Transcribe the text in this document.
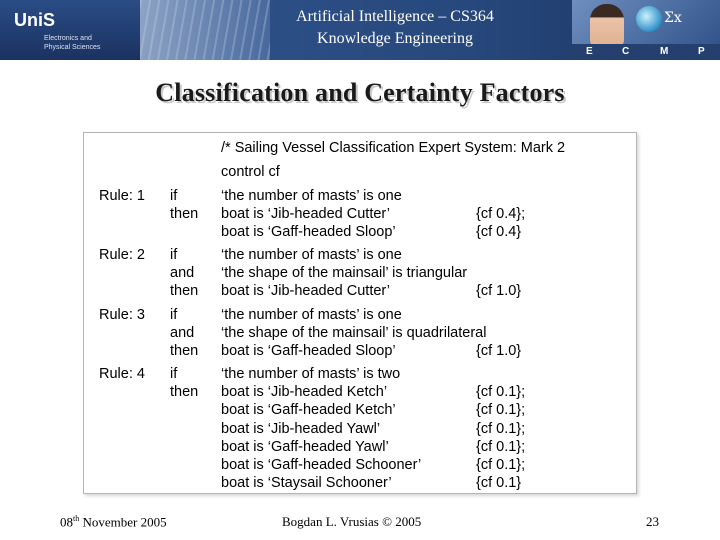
UniS
Electronics and
Physical Sciences
Artificial Intelligence – CS364
Knowledge Engineering
Σx
E	C	M	P
Classification and Certainty Factors
/* Sailing Vessel Classification Expert System: Mark 2
control cf
Rule: 1 if	‘the number of masts’ is one
then boat is ‘Jib-headed Cutter’	{cf 0.4};
boat is ‘Gaff-headed Sloop’	{cf 0.4}
Rule: 2 if	‘the number of masts’ is one
and ‘the shape of the mainsail’ is triangular
then boat is ‘Jib-headed Cutter’	{cf 1.0}
Rule: 3 if	‘the number of masts’ is one
and ‘the shape of the mainsail’ is quadrilateral
then boat is ‘Gaff-headed Sloop’	{cf 1.0}
Rule: 4 if	‘the number of masts’ is two
then boat is ‘Jib-headed Ketch’	{cf 0.1};
boat is ‘Gaff-headed Ketch’	{cf 0.1};
boat is ‘Jib-headed Yawl’	{cf 0.1};
boat is ‘Gaff-headed Yawl’	{cf 0.1};
boat is ‘Gaff-headed Schooner’	{cf 0.1};
boat is ‘Staysail Schooner’	{cf 0.1}
08th November 2005	Bogdan L. Vrusias © 2005	23
